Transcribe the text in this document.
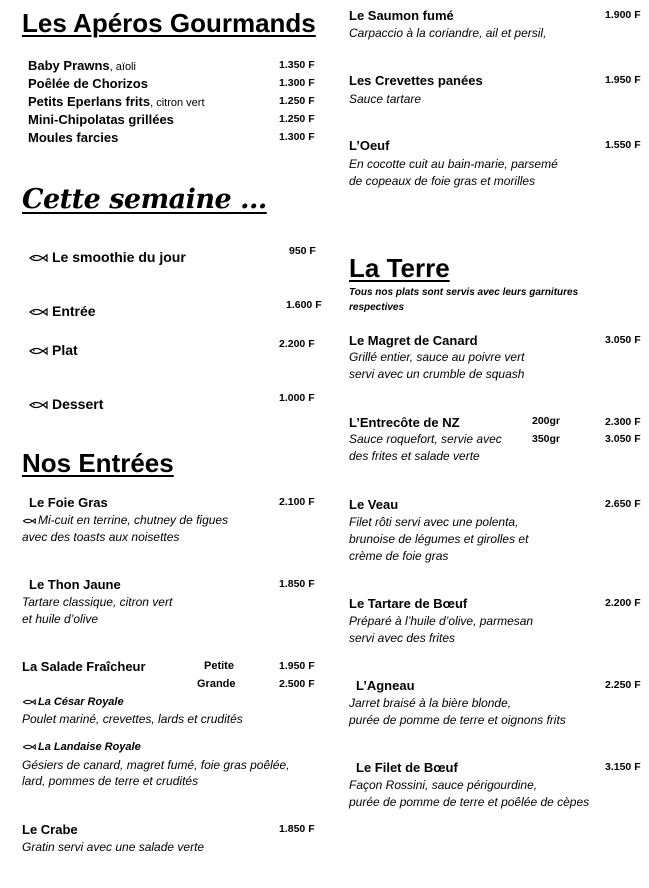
Les Apéros Gourmands
Baby Prawns, aïoli	1.350 F
Poêlée de Chorizos	1.300 F
Petits Eperlans frits, citron vert	1.250 F
Mini-Chipolatas grillées	1.250 F
Moules farcies	1.300 F
Cette semaine ...
Le smoothie du jour	950 F
Entrée	1.600 F
Plat	2.200 F
Dessert	1.000 F
Nos Entrées
Le Foie Gras	2.100 F
Mi-cuit en terrine, chutney de figues
avec des toasts aux noisettes
Le Thon Jaune	1.850 F
Tartare classique, citron vert
et huile d’olive
La Salade Fraîcheur	Petite	1.950 F
Grande	2.500 F
La César Royale
Poulet mariné, crevettes, lards et crudités
La Landaise Royale
Gésiers de canard, magret fumé, foie gras poêlée,
lard, pommes de terre et crudités
Le Crabe	1.850 F
Gratin servi avec une salade verte
Le Saumon fumé	1.900 F
Carpaccio à la coriandre, ail et persil,
Les Crevettes panées	1.950 F
Sauce tartare
L’Oeuf	1.550 F
En cocotte cuit au bain-marie, parsemé
de copeaux de foie gras et morilles
La Terre
Tous nos plats sont servis avec leurs garnitures
respectives
Le Magret de Canard	3.050 F
Grillé entier, sauce au poivre vert
servi avec un crumble de squash
L’Entrecôte de NZ	200gr	2.300 F
Sauce roquefort, servie avec	350gr	3.050 F
des frites et salade verte
Le Veau	2.650 F
Filet rôti servi avec une polenta,
brunoise de légumes et girolles et
crème de foie gras
Le Tartare de Bœuf	2.200 F
Préparé à l’huile d’olive, parmesan
servi avec des frites
L’Agneau	2.250 F
Jarret braisé à la bière blonde,
purée de pomme de terre et oignons frits
Le Filet de Bœuf	3.150 F
Façon Rossini, sauce périgourdine,
purée de pomme de terre et poêlée de cèpes
